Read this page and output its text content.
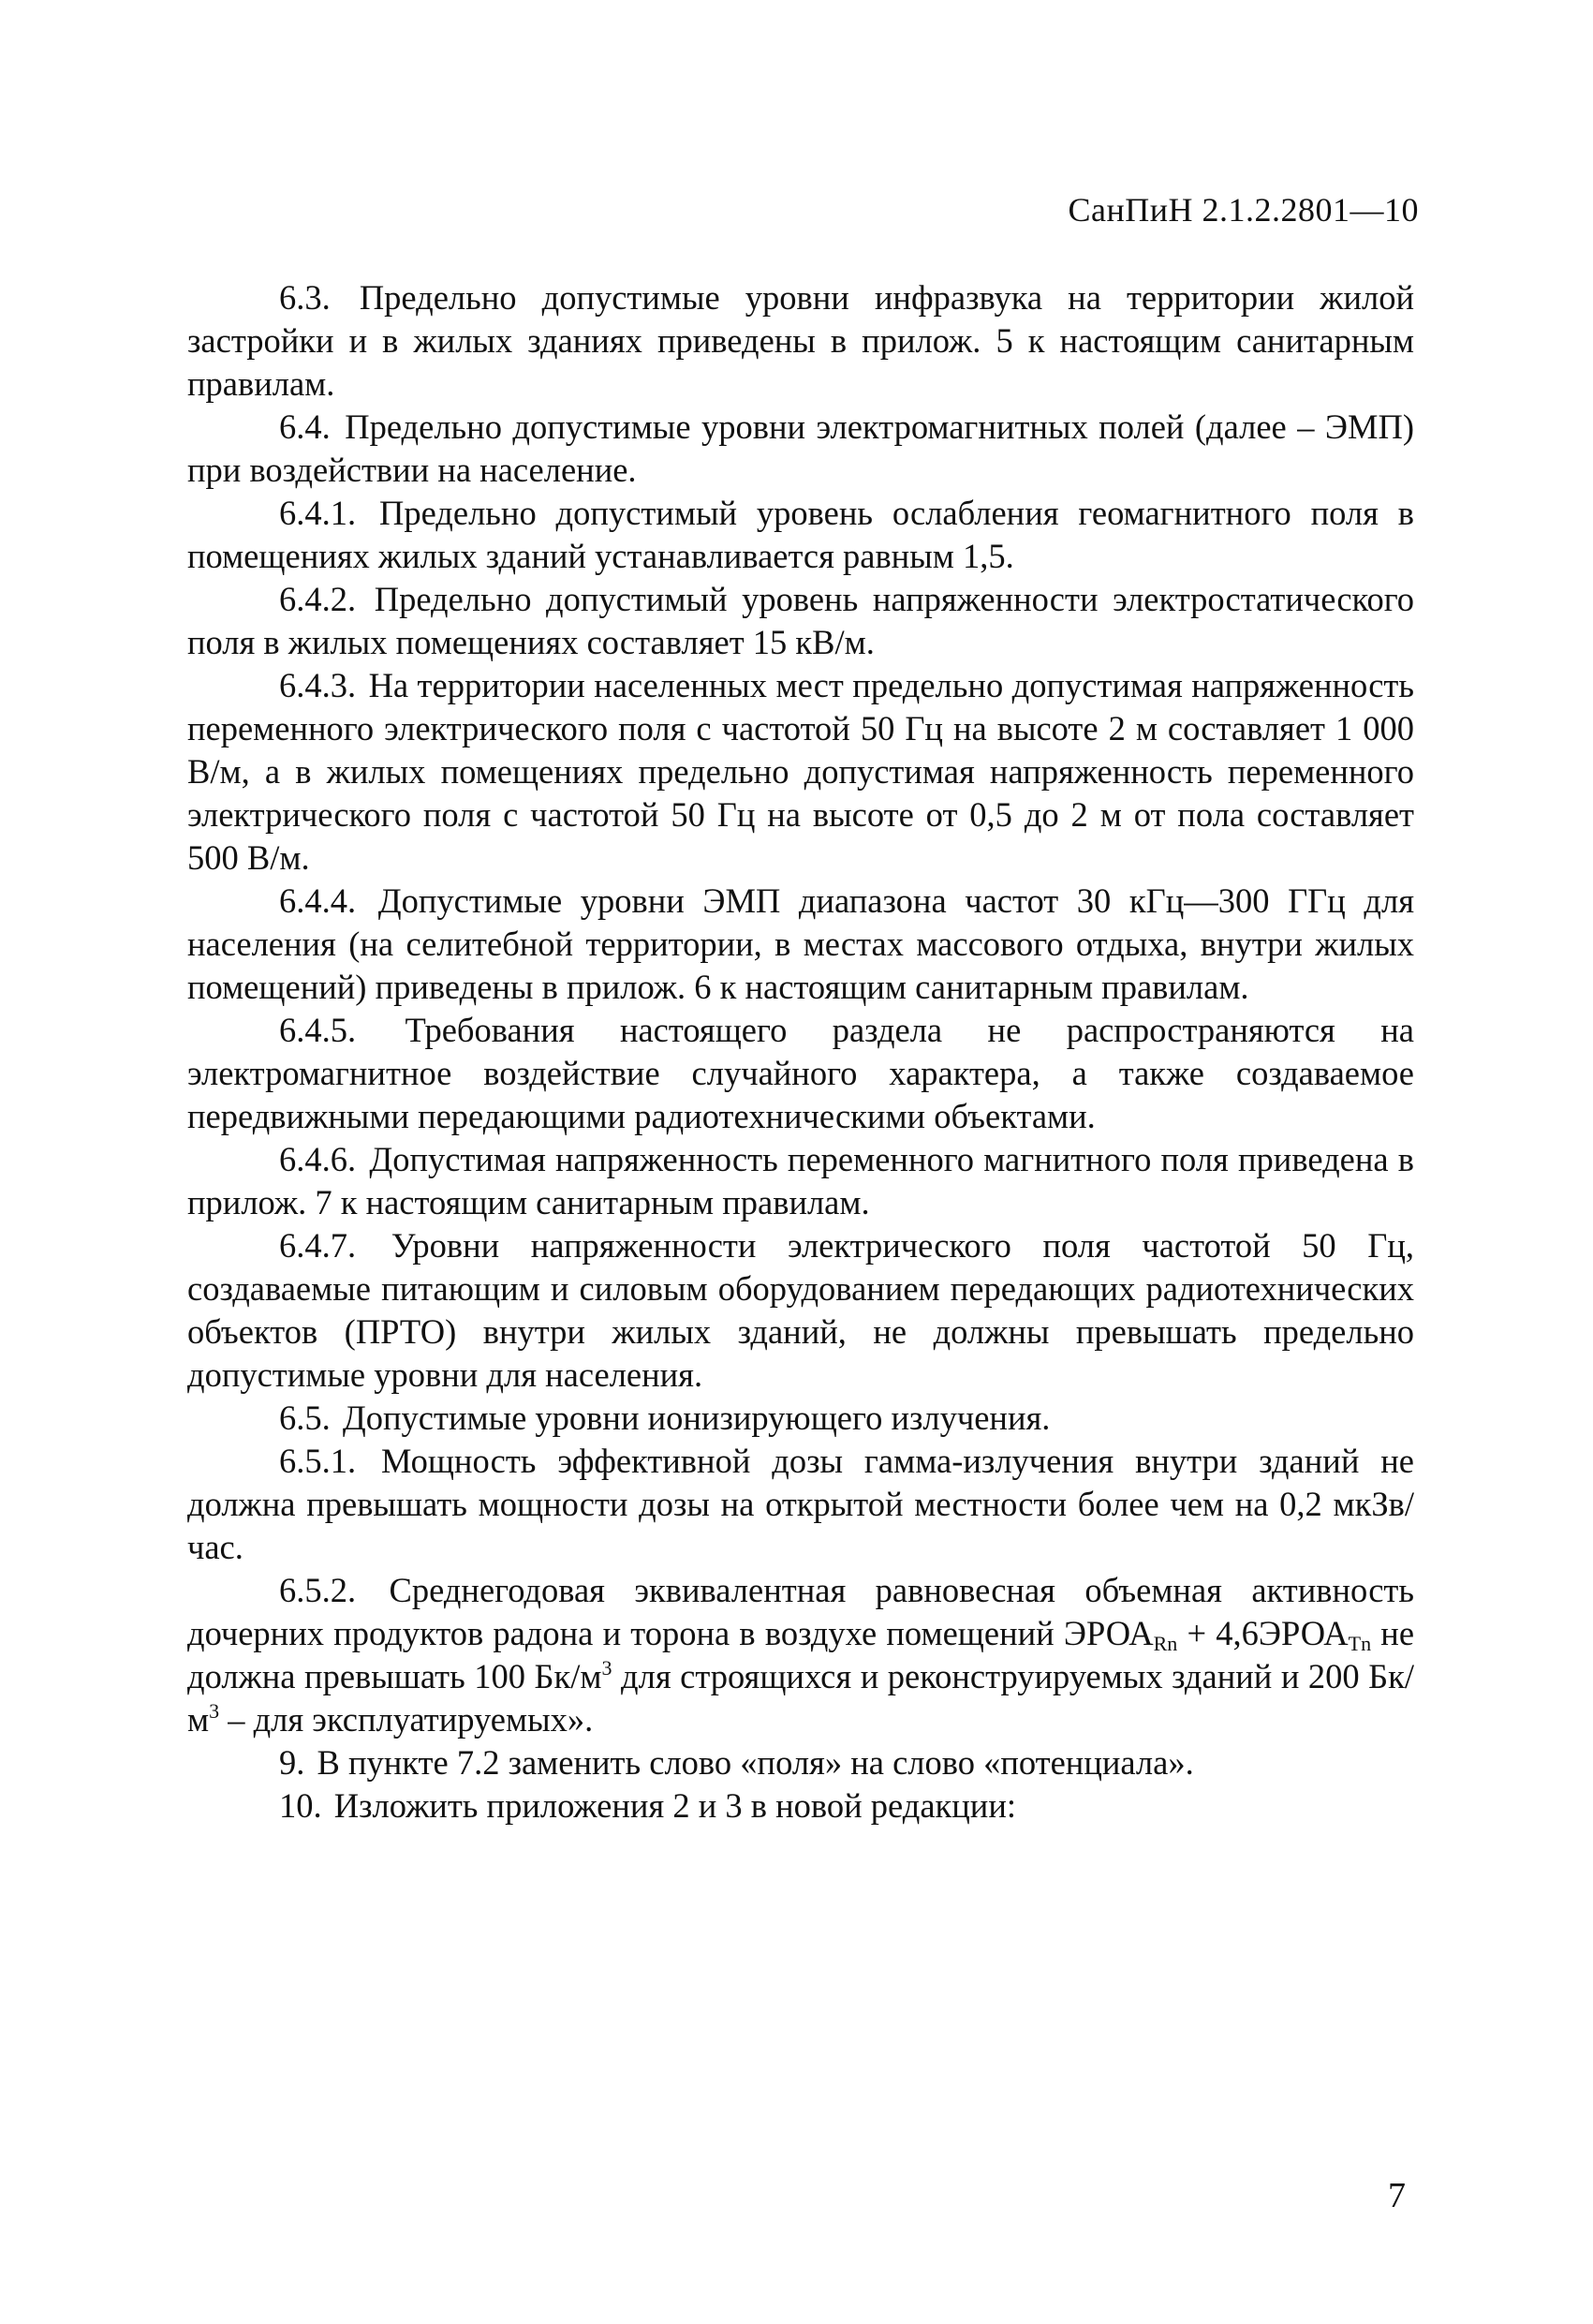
СанПиН 2.1.2.2801—10

6.3. Предельно допустимые уровни инфразвука на территории жилой застройки и в жилых зданиях приведены в прилож. 5 к настоящим санитарным правилам.

6.4. Предельно допустимые уровни электромагнитных полей (далее – ЭМП) при воздействии на население.

6.4.1. Предельно допустимый уровень ослабления геомагнитного поля в помещениях жилых зданий устанавливается равным 1,5.

6.4.2. Предельно допустимый уровень напряженности электростатического поля в жилых помещениях составляет 15 кВ/м.

6.4.3. На территории населенных мест предельно допустимая напряженность переменного электрического поля с частотой 50 Гц на высоте 2 м составляет 1 000 В/м, а в жилых помещениях предельно допустимая напряженность переменного электрического поля с частотой 50 Гц на высоте от 0,5 до 2 м от пола составляет 500 В/м.

6.4.4. Допустимые уровни ЭМП диапазона частот 30 кГц—300 ГГц для населения (на селитебной территории, в местах массового отдыха, внутри жилых помещений) приведены в прилож. 6 к настоящим санитарным правилам.

6.4.5. Требования настоящего раздела не распространяются на электромагнитное воздействие случайного характера, а также создаваемое передвижными передающими радиотехническими объектами.

6.4.6. Допустимая напряженность переменного магнитного поля приведена в прилож. 7 к настоящим санитарным правилам.

6.4.7. Уровни напряженности электрического поля частотой 50 Гц, создаваемые питающим и силовым оборудованием передающих радиотехнических объектов (ПРТО) внутри жилых зданий, не должны превышать предельно допустимые уровни для населения.

6.5. Допустимые уровни ионизирующего излучения.

6.5.1. Мощность эффективной дозы гамма-излучения внутри зданий не должна превышать мощности дозы на открытой местности более чем на 0,2 мкЗв/час.

6.5.2. Среднегодовая эквивалентная равновесная объемная активность дочерних продуктов радона и торона в воздухе помещений $ЭРОА_{Rn}$ + $4,6ЭРОА_{Tn}$ не должна превышать 100 $Бк/м^3$ для строящихся и реконструируемых зданий и 200 $Бк/м^3$ – для эксплуатируемых».

9. В пункте 7.2 заменить слово «поля» на слово «потенциала».

10. Изложить приложения 2 и 3 в новой редакции:

7
